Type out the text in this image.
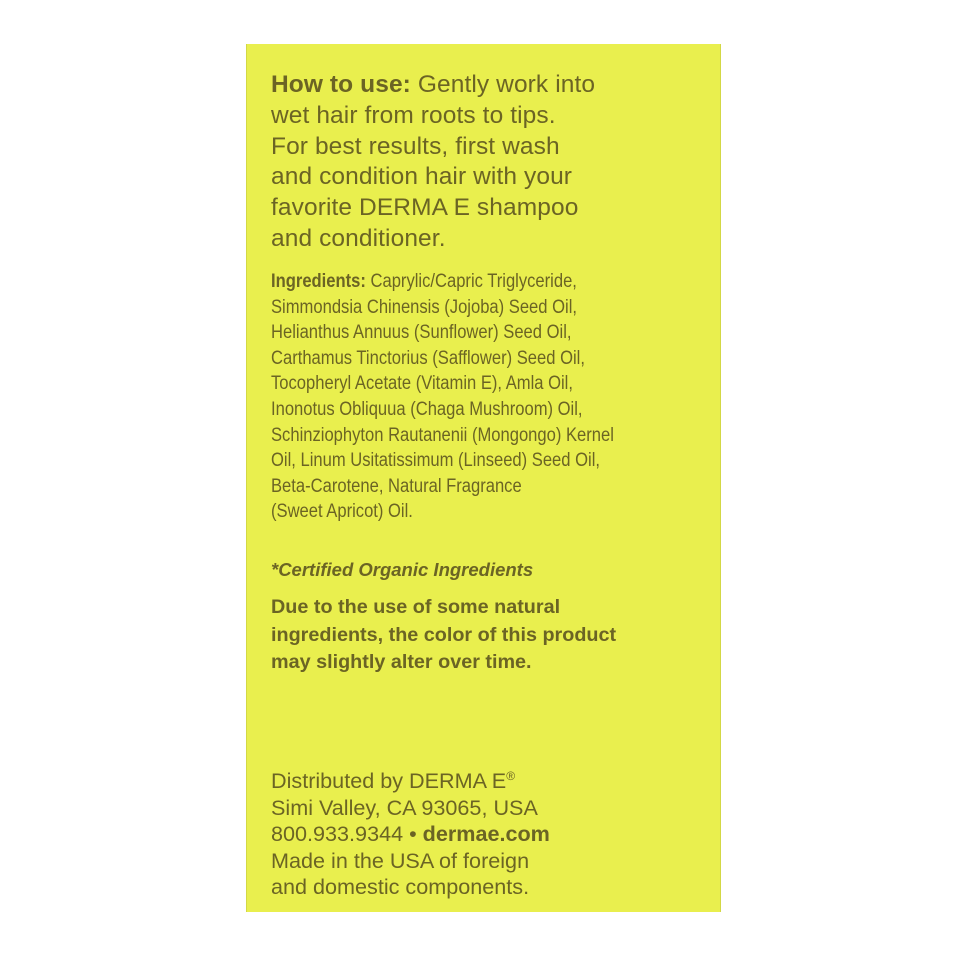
How to use: Gently work into
wet hair from roots to tips.
For best results, first wash
and condition hair with your
favorite DERMA E shampoo
and conditioner.
Ingredients: Caprylic/Capric Triglyceride,
Simmondsia Chinensis (Jojoba) Seed Oil,
Helianthus Annuus (Sunflower) Seed Oil,
Carthamus Tinctorius (Safflower) Seed Oil,
Tocopheryl Acetate (Vitamin E), Amla Oil,
Inonotus Obliquua (Chaga Mushroom) Oil,
Schinziophyton Rautanenii (Mongongo) Kernel
Oil, Linum Usitatissimum (Linseed) Seed Oil,
Beta-Carotene, Natural Fragrance
(Sweet Apricot) Oil.
*Certified Organic Ingredients
Due to the use of some natural
ingredients, the color of this product
may slightly alter over time.
Distributed by DERMA E®
Simi Valley, CA 93065, USA
800.933.9344 • dermae.com
Made in the USA of foreign
and domestic components.
